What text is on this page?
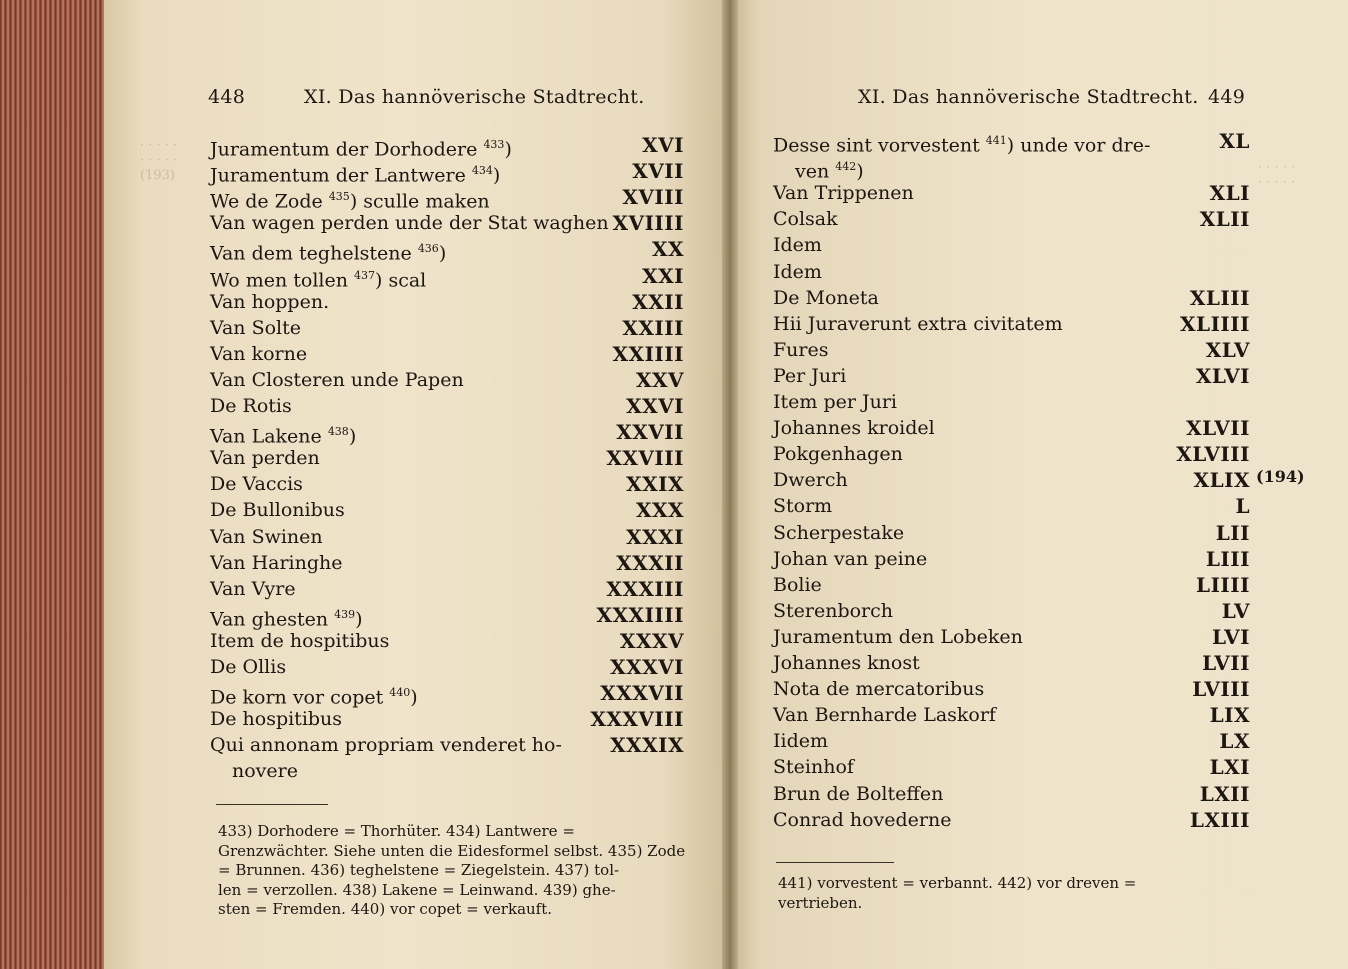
· · · · ·
· · · · ·
(193)
· · · · ·
· · · · ·
448	XI. Das hannöverische Stadtrecht.	XI. Das hannöverische Stadtrecht. 449
Juramentum der Dorhodere $^{433}$)	XVI
Juramentum der Lantwere $^{434}$)	XVII
We de Zode $^{435}$) sculle maken	XVIII
Van wagen perden unde der Stat waghen XVIIII
Van dem teghelstene $^{436}$)	XX
Wo men tollen $^{437}$) scal	XXI
Van hoppen.	XXII
Van Solte	XXIII
Van korne	XXIIII
Van Closteren unde Papen	XXV
De Rotis	XXVI
Van Lakene $^{438}$)	XXVII
Van perden	XXVIII
De Vaccis	XXIX
De Bullonibus	XXX
Van Swinen	XXXI
Van Haringhe	XXXII
Van Vyre	XXXIII
Van ghesten $^{439}$)	XXXIIII
Item de hospitibus	XXXV
De Ollis	XXXVI
De korn vor copet $^{440}$)	XXXVII
De hospitibus	XXXVIII
Qui annonam propriam venderet ho- XXXIX
novere
Desse sint vorvestent $^{441}$) unde vor dre-	XL
ven $^{442}$)
Van Trippenen	XLI
Colsak	XLII
Idem
Idem
De Moneta	XLIII
Hii Juraverunt extra civitatem	XLIIII
Fures	XLV
Per Juri	XLVI
Item per Juri
Johannes kroidel	XLVII
Pokgenhagen	XLVIII
Dwerch	XLIX
Storm	L
Scherpestake	LII
Johan van peine	LIII
Bolie	LIIII
Sterenborch	LV
Juramentum den Lobeken	LVI
Johannes knost	LVII
Nota de mercatoribus	LVIII
Van Bernharde Laskorf	LIX
Iidem	LX
Steinhof	LXI
Brun de Bolteffen	LXII
Conrad hovederne	LXIII
433) Dorhodere = Thorhüter. 434) Lantwere =
Grenzwächter. Siehe unten die Eidesformel selbst. 435) Zode
= Brunnen. 436) teghelstene = Ziegelstein. 437) tol-
len = verzollen. 438) Lakene = Leinwand. 439) ghe-
sten = Fremden. 440) vor copet = verkauft.
441) vorvestent = verbannt. 442) vor dreven =
vertrieben.
(194)
